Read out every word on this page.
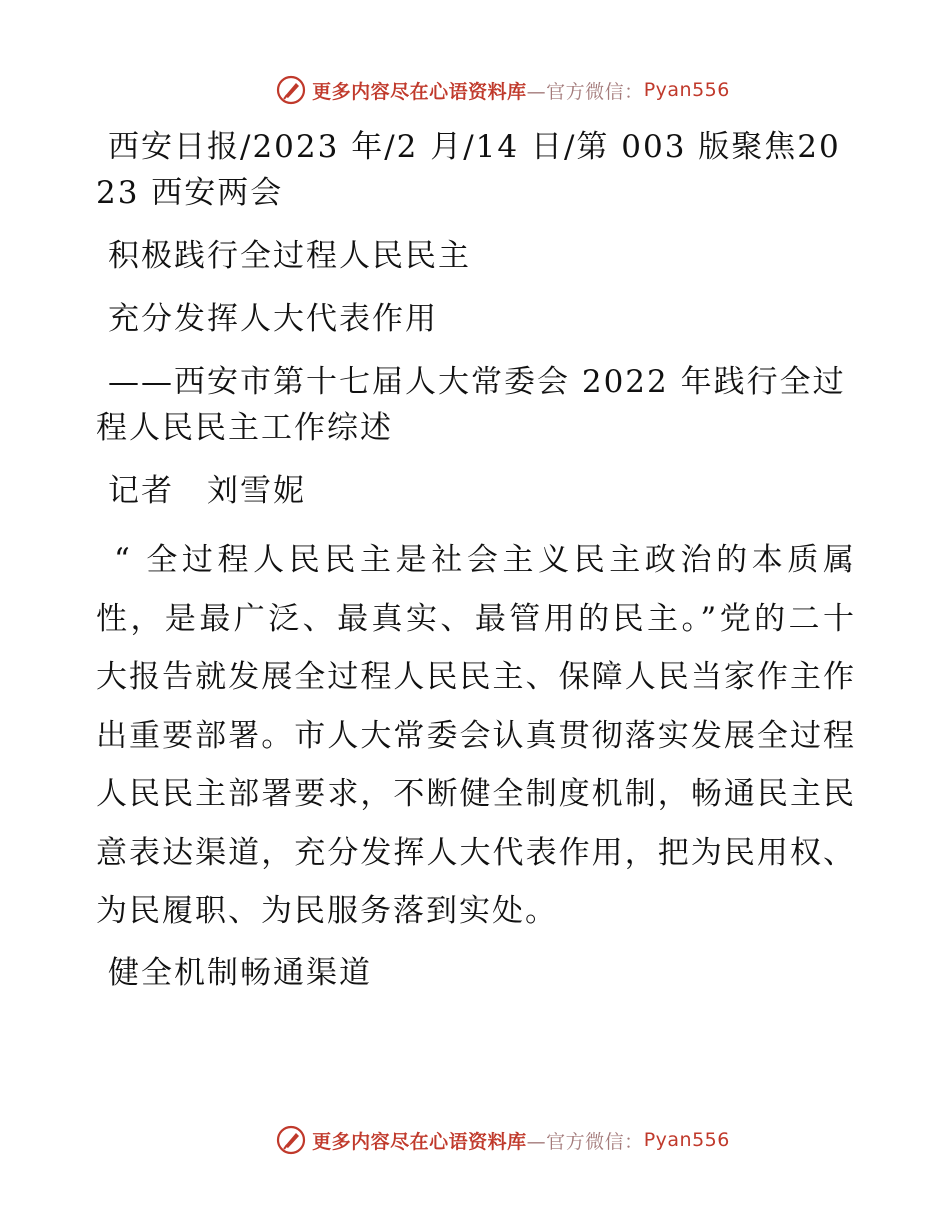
更多内容尽在心语资料库 —官方微信： Pyan556

西安日报/2023 年/2 月/14 日/第 003 版聚焦2023 西安两会

积极践行全过程人民民主

充分发挥人大代表作用

——西安市第十七届人大常委会 2022 年践行全过程人民民主工作综述

记者　刘雪妮

“ 全过程人民民主是社会主义民主政治的本质属性，是最广泛、最真实、最管用的民主。”党的二十大报告就发展全过程人民民主、保障人民当家作主作出重要部署。市人大常委会认真贯彻落实发展全过程人民民主部署要求，不断健全制度机制，畅通民主民意表达渠道，充分发挥人大代表作用，把为民用权、为民履职、为民服务落到实处。

健全机制畅通渠道

更多内容尽在心语资料库 —官方微信： Pyan556
